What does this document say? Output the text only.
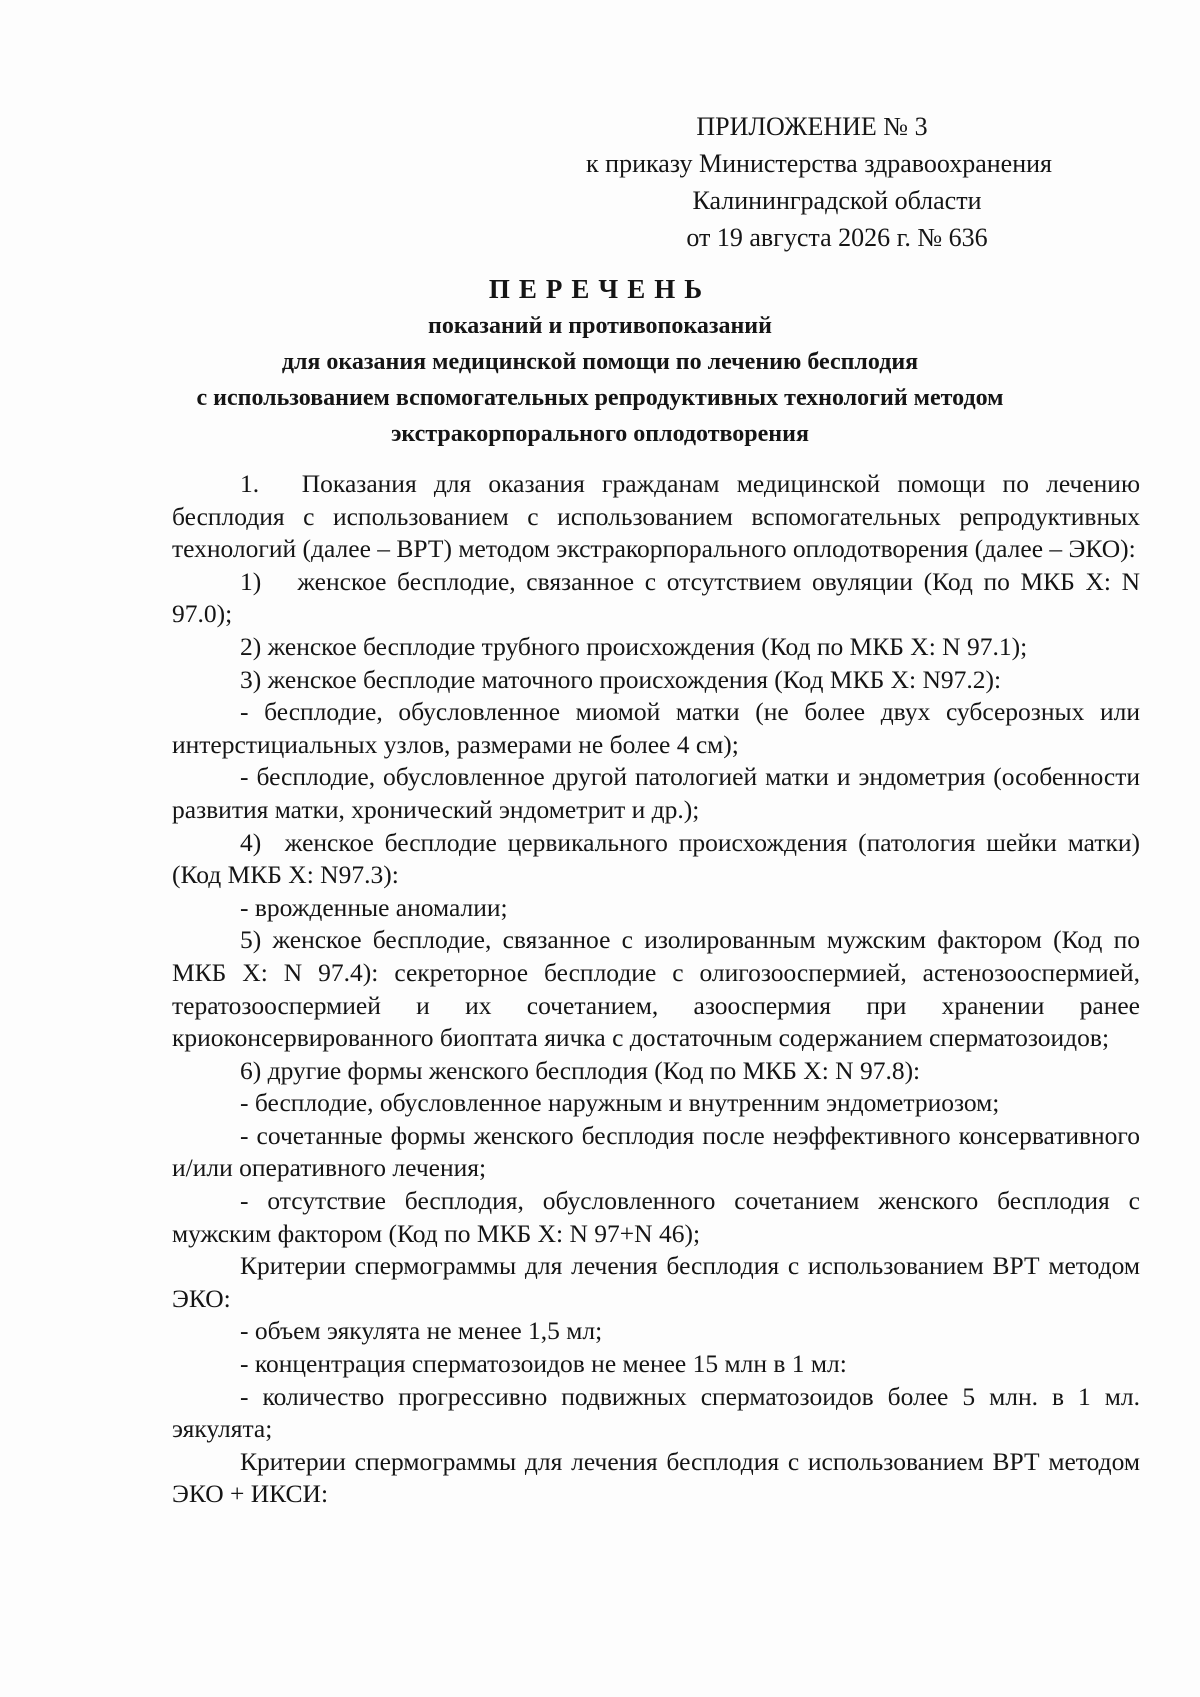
ПРИЛОЖЕНИЕ № 3
к приказу Министерства здравоохранения
Калининградской области
от 19 августа 2026 г. № 636
ПЕРЕЧЕНЬ
показаний и противопоказаний
для оказания медицинской помощи по лечению бесплодия
с использованием вспомогательных репродуктивных технологий методом
экстракорпорального оплодотворения

1.  Показания для оказания гражданам медицинской помощи по лечению бесплодия с использованием с использованием вспомогательных репродуктивных технологий (далее – ВРТ) методом экстракорпорального оплодотворения (далее – ЭКО):

1)  женское бесплодие, связанное с отсутствием овуляции (Код по МКБ X: N 97.0);

2) женское бесплодие трубного происхождения (Код по МКБ X: N 97.1);

3) женское бесплодие маточного происхождения (Код МКБ X: N97.2):

- бесплодие, обусловленное миомой матки (не более двух субсерозных или интерстициальных узлов, размерами не более 4 см);

- бесплодие, обусловленное другой патологией матки и эндометрия (особенности развития матки, хронический эндометрит и др.);

4)  женское бесплодие цервикального происхождения (патология шейки матки) (Код МКБ X: N97.3):

- врожденные аномалии;

5) женское бесплодие, связанное с изолированным мужским фактором (Код по МКБ X: N 97.4): секреторное бесплодие с олигозооспермией, астенозооспермией, тератозооспермией и их сочетанием, азооспермия при хранении ранее криоконсервированного биоптата яичка с достаточным содержанием сперматозоидов;

6) другие формы женского бесплодия (Код по МКБ X: N 97.8):

- бесплодие, обусловленное наружным и внутренним эндометриозом;

- сочетанные формы женского бесплодия после неэффективного консервативного и/или оперативного лечения;

- отсутствие бесплодия, обусловленного сочетанием женского бесплодия с мужским фактором (Код по МКБ X: N 97+N 46);

Критерии спермограммы для лечения бесплодия с использованием ВРТ методом ЭКО:

- объем эякулята не менее 1,5 мл;

- концентрация сперматозоидов не менее 15 млн в 1 мл:

- количество прогрессивно подвижных сперматозоидов более 5 млн. в 1 мл. эякулята;

Критерии спермограммы для лечения бесплодия с использованием ВРТ методом ЭКО + ИКСИ:
